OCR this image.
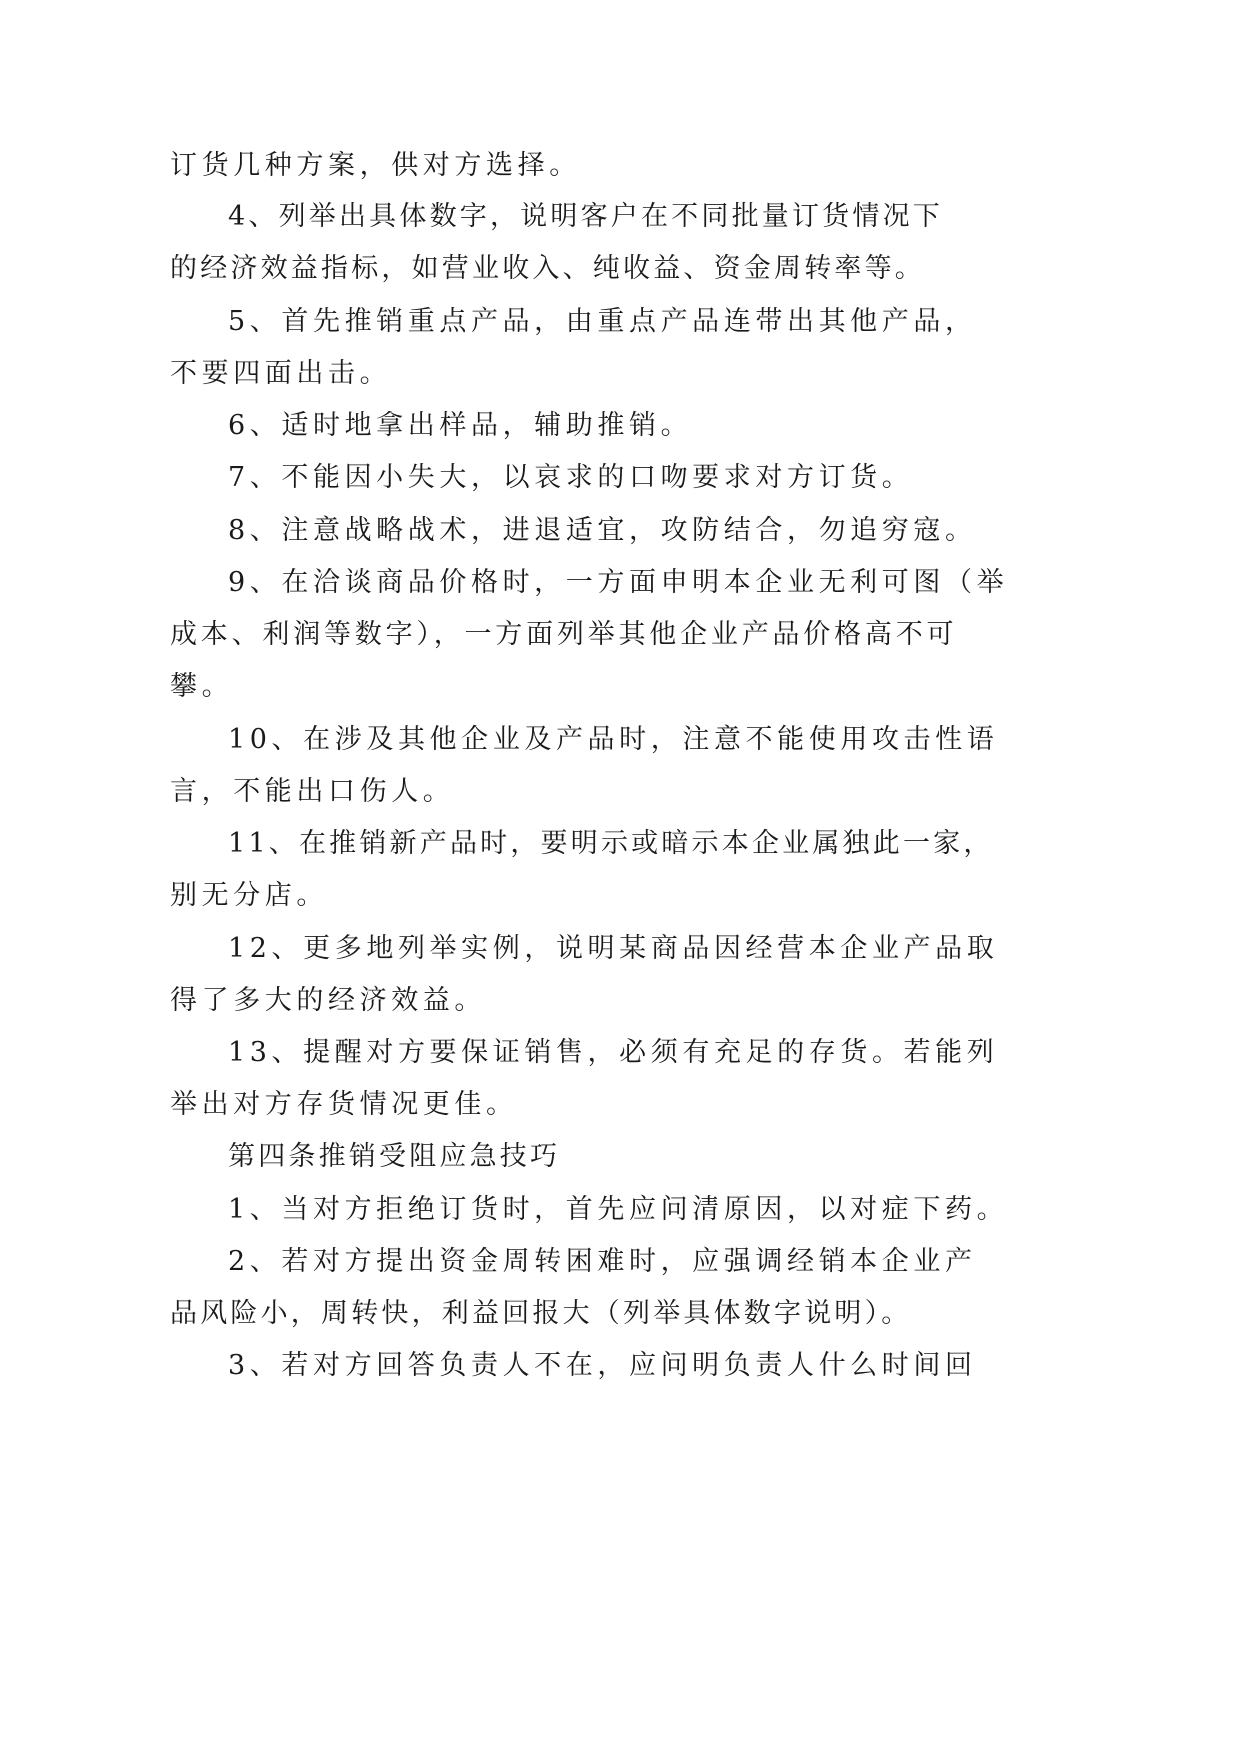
订货几种方案，供对方选择。
4、列举出具体数字，说明客户在不同批量订货情况下
的经济效益指标，如营业收入、纯收益、资金周转率等。
5、首先推销重点产品，由重点产品连带出其他产品，
不要四面出击。
6、适时地拿出样品，辅助推销。
7、不能因小失大，以哀求的口吻要求对方订货。
8、注意战略战术，进退适宜，攻防结合，勿追穷寇。
9、在洽谈商品价格时，一方面申明本企业无利可图（举
成本、利润等数字），一方面列举其他企业产品价格高不可
攀。
10、在涉及其他企业及产品时，注意不能使用攻击性语
言，不能出口伤人。
11、在推销新产品时，要明示或暗示本企业属独此一家，
别无分店。
12、更多地列举实例，说明某商品因经营本企业产品取
得了多大的经济效益。
13、提醒对方要保证销售，必须有充足的存货。若能列
举出对方存货情况更佳。
第四条推销受阻应急技巧
1、当对方拒绝订货时，首先应问清原因，以对症下药。
2、若对方提出资金周转困难时，应强调经销本企业产
品风险小，周转快，利益回报大（列举具体数字说明）。
3、若对方回答负责人不在，应问明负责人什么时间回
